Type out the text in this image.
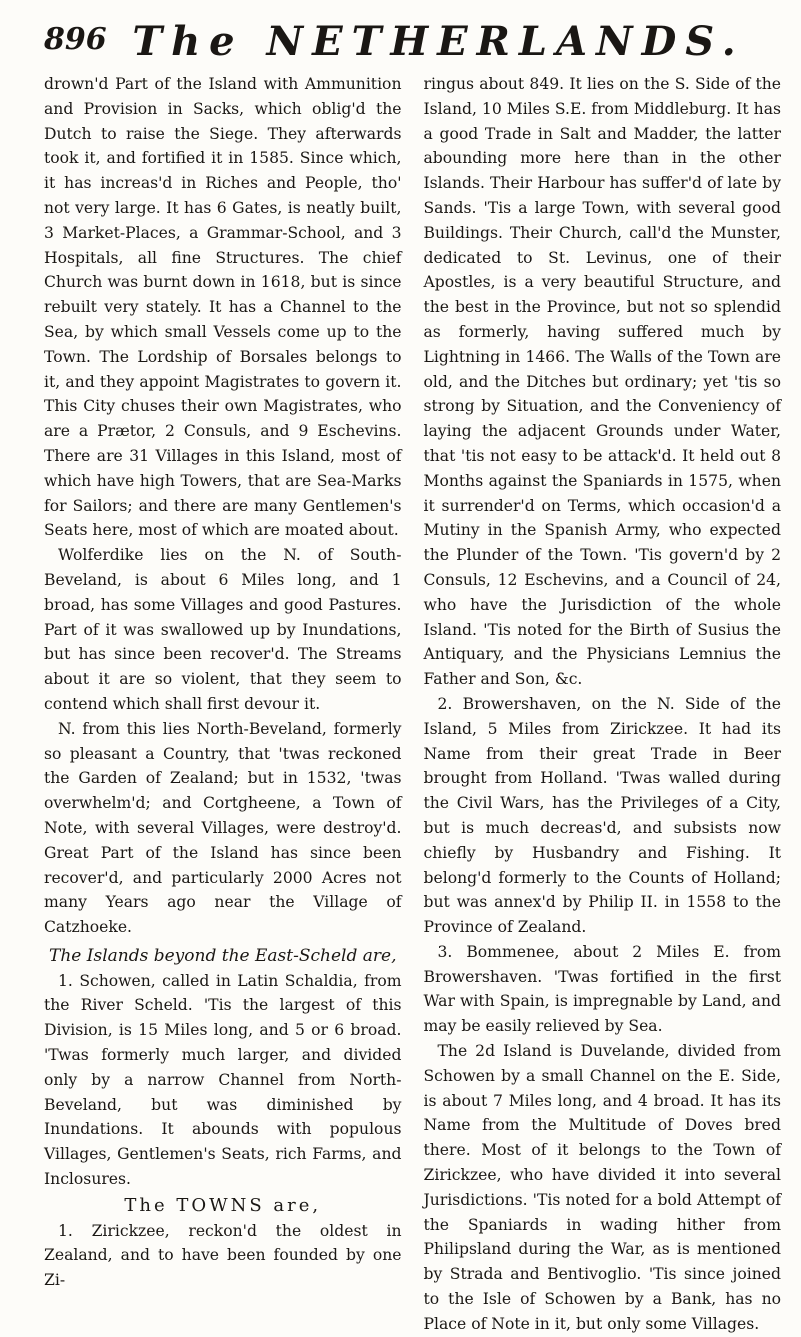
896 The NETHERLANDS.

drown'd Part of the Island with Ammunition and Provision in Sacks, which oblig'd the Dutch to raise the Siege. They afterwards took it, and fortified it in 1585. Since which, it has increas'd in Riches and People, tho' not very large. It has 6 Gates, is neatly built, 3 Market-Places, a Grammar-School, and 3 Hospitals, all fine Structures. The chief Church was burnt down in 1618, but is since rebuilt very stately. It has a Channel to the Sea, by which small Vessels come up to the Town. The Lordship of Borsales belongs to it, and they appoint Magistrates to govern it. This City chuses their own Magistrates, who are a Prætor, 2 Consuls, and 9 Eschevins. There are 31 Villages in this Island, most of which have high Towers, that are Sea-Marks for Sailors; and there are many Gentlemen's Seats here, most of which are moated about.

Wolferdike lies on the N. of South-Beveland, is about 6 Miles long, and 1 broad, has some Villages and good Pastures. Part of it was swallowed up by Inundations, but has since been recover'd. The Streams about it are so violent, that they seem to contend which shall first devour it.

N. from this lies North-Beveland, formerly so pleasant a Country, that 'twas reckoned the Garden of Zealand; but in 1532, 'twas overwhelm'd; and Cortgheene, a Town of Note, with several Villages, were destroy'd. Great Part of the Island has since been recover'd, and particularly 2000 Acres not many Years ago near the Village of Catzhoeke.

The Islands beyond the East-Scheld are,

1. Schowen, called in Latin Schaldia, from the River Scheld. 'Tis the largest of this Division, is 15 Miles long, and 5 or 6 broad. 'Twas formerly much larger, and divided only by a narrow Channel from North-Beveland, but was diminished by Inundations. It abounds with populous Villages, Gentlemen's Seats, rich Farms, and Inclosures.

The TOWNS are,

1. Zirickzee, reckon'd the oldest in Zealand, and to have been founded by one Zi-

ringus about 849. It lies on the S. Side of the Island, 10 Miles S.E. from Middleburg. It has a good Trade in Salt and Madder, the latter abounding more here than in the other Islands. Their Harbour has suffer'd of late by Sands. 'Tis a large Town, with several good Buildings. Their Church, call'd the Munster, dedicated to St. Levinus, one of their Apostles, is a very beautiful Structure, and the best in the Province, but not so splendid as formerly, having suffered much by Lightning in 1466. The Walls of the Town are old, and the Ditches but ordinary; yet 'tis so strong by Situation, and the Conveniency of laying the adjacent Grounds under Water, that 'tis not easy to be attack'd. It held out 8 Months against the Spaniards in 1575, when it surrender'd on Terms, which occasion'd a Mutiny in the Spanish Army, who expected the Plunder of the Town. 'Tis govern'd by 2 Consuls, 12 Eschevins, and a Council of 24, who have the Jurisdiction of the whole Island. 'Tis noted for the Birth of Susius the Antiquary, and the Physicians Lemnius the Father and Son, &c.

2. Browershaven, on the N. Side of the Island, 5 Miles from Zirickzee. It had its Name from their great Trade in Beer brought from Holland. 'Twas walled during the Civil Wars, has the Privileges of a City, but is much decreas'd, and subsists now chiefly by Husbandry and Fishing. It belong'd formerly to the Counts of Holland; but was annex'd by Philip II. in 1558 to the Province of Zealand.

3. Bommenee, about 2 Miles E. from Browershaven. 'Twas fortified in the first War with Spain, is impregnable by Land, and may be easily relieved by Sea.

The 2d Island is Duvelande, divided from Schowen by a small Channel on the E. Side, is about 7 Miles long, and 4 broad. It has its Name from the Multitude of Doves bred there. Most of it belongs to the Town of Zirickzee, who have divided it into several Jurisdictions. 'Tis noted for a bold Attempt of the Spaniards in wading hither from Philipsland during the War, as is mentioned by Strada and Bentivoglio. 'Tis since joined to the Isle of Schowen by a Bank, has no Place of Note in it, but only some Villages.
